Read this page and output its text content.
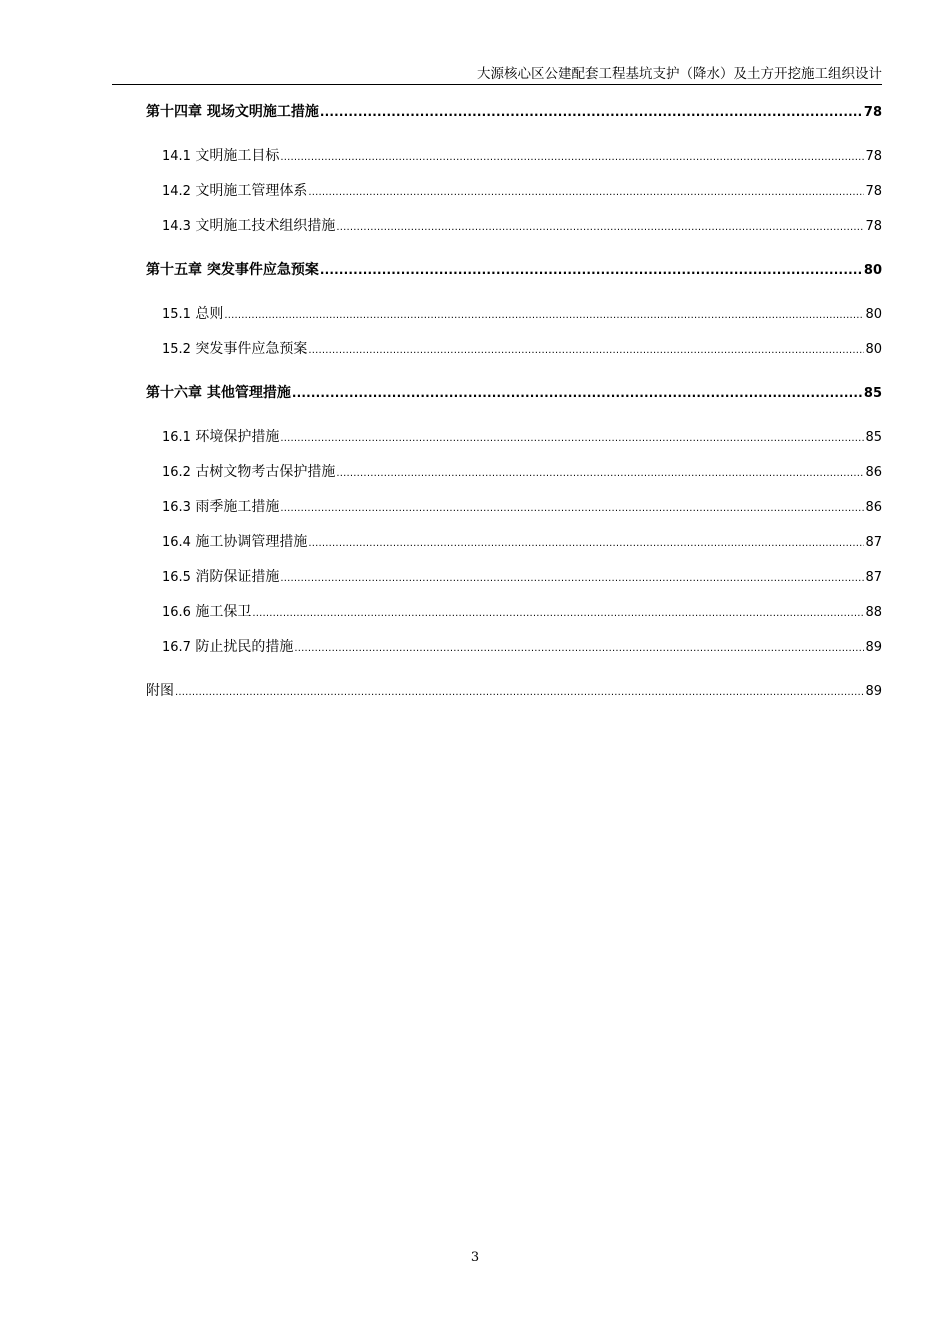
大源核心区公建配套工程基坑支护（降水）及土方开挖施工组织设计
第十四章 现场文明施工措施 .....	78
14.1 文明施工目标 .....	78
14.2 文明施工管理体系 .....	78
14.3 文明施工技术组织措施 .....	78
第十五章 突发事件应急预案 .....	80
15.1 总则 .....	80
15.2 突发事件应急预案 .....	80
第十六章 其他管理措施 .....	85
16.1 环境保护措施 .....	85
16.2 古树文物考古保护措施 .....	86
16.3 雨季施工措施 .....	86
16.4 施工协调管理措施 .....	87
16.5 消防保证措施 .....	87
16.6 施工保卫 .....	88
16.7 防止扰民的措施 .....	89
附图 .....	89
3
